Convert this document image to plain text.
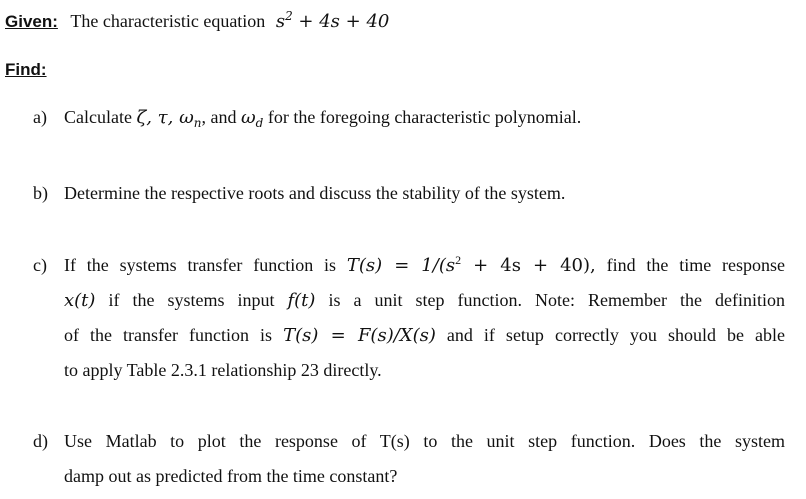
Given: The characteristic equation $s^2 + 4s + 40$
Find:
a) Calculate ζ, τ, $\omega_n$, and $\omega_d$ for the foregoing characteristic polynomial.
b) Determine the respective roots and discuss the stability of the system.
c) If the systems transfer function is $T(s) = 1/(s^2 + 4s + 40)$, find the time response
x(t) if the systems input f(t) is a unit step function. Note: Remember the definition
of the transfer function is T(s) = F(s)/X(s) and if setup correctly you should be able
to apply Table 2.3.1 relationship 23 directly.
d) Use Matlab to plot the response of T(s) to the unit step function. Does the system
damp out as predicted from the time constant?
